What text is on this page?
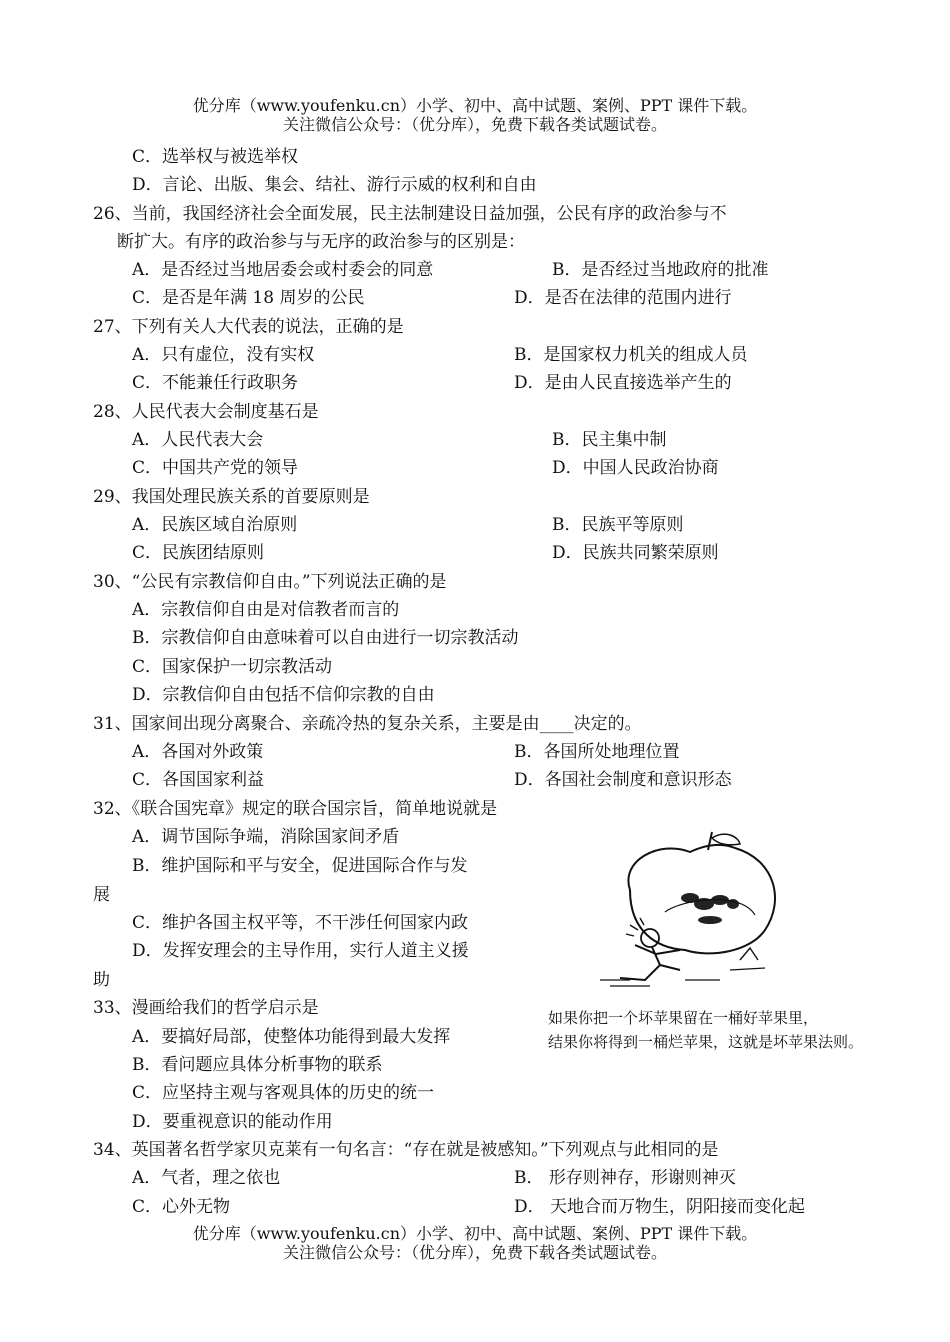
优分库（www.youfenku.cn）小学、初中、高中试题、案例、PPT 课件下载。
关注微信公众号：（优分库），免费下载各类试题试卷。
C．选举权与被选举权
D．言论、出版、集会、结社、游行示威的权利和自由
26、当前，我国经济社会全面发展，民主法制建设日益加强，公民有序的政治参与不
断扩大。有序的政治参与与无序的政治参与的区别是：
A．是否经过当地居委会或村委会的同意	B．是否经过当地政府的批准
C．是否是年满 18 周岁的公民	D．是否在法律的范围内进行
27、下列有关人大代表的说法，正确的是
A．只有虚位，没有实权	B．是国家权力机关的组成人员
C．不能兼任行政职务	D．是由人民直接选举产生的
28、人民代表大会制度基石是
A．人民代表大会	B．民主集中制
C．中国共产党的领导	D．中国人民政治协商
29、我国处理民族关系的首要原则是
A．民族区域自治原则	B．民族平等原则
C．民族团结原则	D．民族共同繁荣原则
30、“公民有宗教信仰自由。”下列说法正确的是
A．宗教信仰自由是对信教者而言的
B．宗教信仰自由意味着可以自由进行一切宗教活动
C．国家保护一切宗教活动
D．宗教信仰自由包括不信仰宗教的自由
31、国家间出现分离聚合、亲疏冷热的复杂关系，主要是由____决定的。
A．各国对外政策	B．各国所处地理位置
C．各国国家利益	D．各国社会制度和意识形态
32、《联合国宪章》规定的联合国宗旨，简单地说就是
A．调节国际争端，消除国家间矛盾
B．维护国际和平与安全，促进国际合作与发
展
C．维护各国主权平等，不干涉任何国家内政
D．发挥安理会的主导作用，实行人道主义援
助
如果你把一个坏苹果留在一桶好苹果里，
结果你将得到一桶烂苹果，这就是坏苹果法则。
33、漫画给我们的哲学启示是
A．要搞好局部，使整体功能得到最大发挥
B．看问题应具体分析事物的联系
C．应坚持主观与客观具体的历史的统一
D．要重视意识的能动作用
34、英国著名哲学家贝克莱有一句名言：“存在就是被感知。”下列观点与此相同的是
A．气者，理之依也	B． 形存则神存，形谢则神灭
C．心外无物	D． 天地合而万物生，阴阳接而变化起
优分库（www.youfenku.cn）小学、初中、高中试题、案例、PPT 课件下载。
关注微信公众号：（优分库），免费下载各类试题试卷。
